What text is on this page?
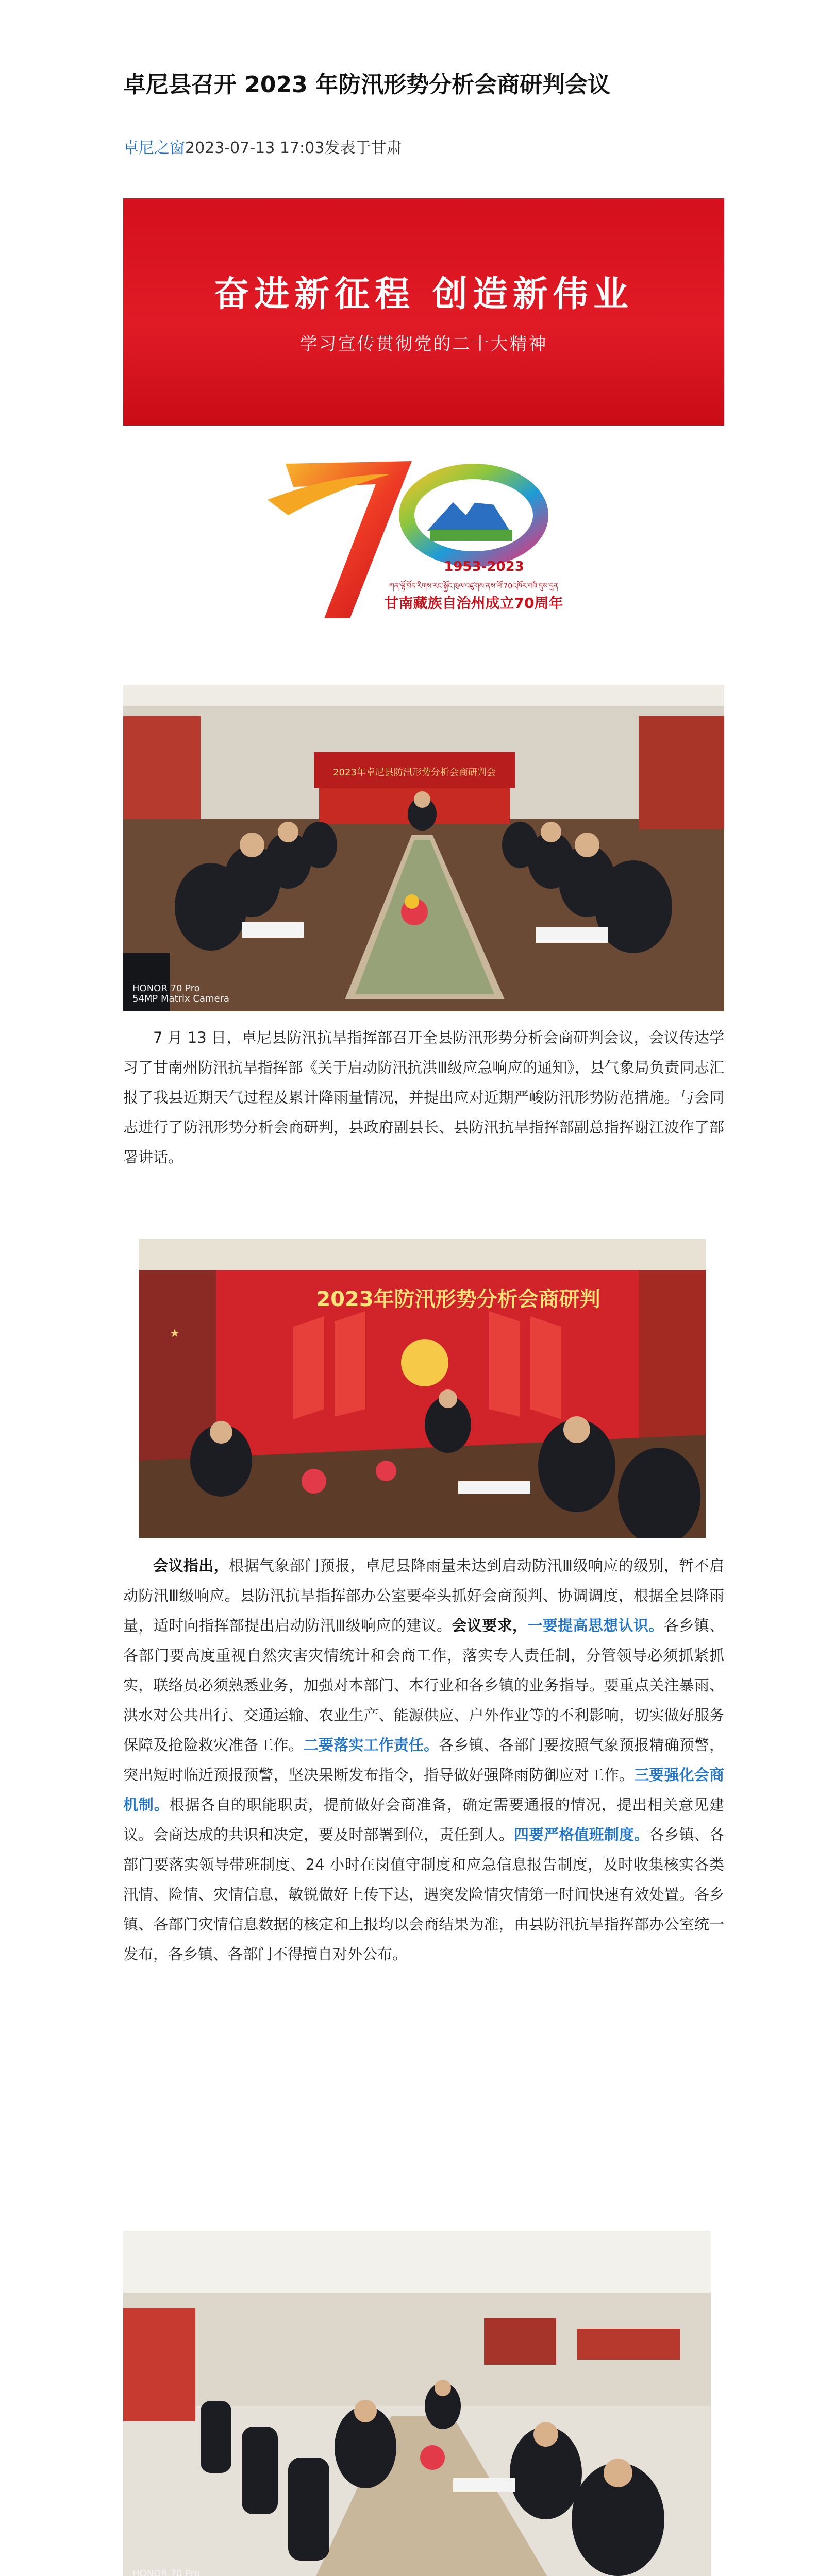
卓尼县召开 2023 年防汛形势分析会商研判会议
卓尼之窗2023-07-13 17:03发表于甘肃
奋进新征程 创造新伟业
学习宣传贯彻党的二十大精神
1953-2023
ཀན་ལྷོ་བོད་རིགས་རང་སྐྱོང་ཁུལ་འཛུགས་ནས་ལོ་70འཁོར་བའི་དུས་དྲན
甘南藏族自治州成立70周年
2023年卓尼县防汛形势分析会商研判会
HONOR 70 Pro
54MP Matrix Camera

7 月 13 日，卓尼县防汛抗旱指挥部召开全县防汛形势分析会商研判会议，会议传达学习了甘南州防汛抗旱指挥部《关于启动防汛抗洪Ⅲ级应急响应的通知》，县气象局负责同志汇报了我县近期天气过程及累计降雨量情况，并提出应对近期严峻防汛形势防范措施。与会同志进行了防汛形势分析会商研判，县政府副县长、县防汛抗旱指挥部副总指挥谢江波作了部署讲话。

2023年防汛形势分析会商研判
★

会议指出，根据气象部门预报，卓尼县降雨量未达到启动防汛Ⅲ级响应的级别，暂不启动防汛Ⅲ级响应。县防汛抗旱指挥部办公室要牵头抓好会商预判、协调调度，根据全县降雨量，适时向指挥部提出启动防汛Ⅲ级响应的建议。会议要求，一要提高思想认识。各乡镇、各部门要高度重视自然灾害灾情统计和会商工作，落实专人责任制，分管领导必须抓紧抓实，联络员必须熟悉业务，加强对本部门、本行业和各乡镇的业务指导。要重点关注暴雨、洪水对公共出行、交通运输、农业生产、能源供应、户外作业等的不利影响，切实做好服务保障及抢险救灾准备工作。二要落实工作责任。各乡镇、各部门要按照气象预报精确预警，突出短时临近预报预警，坚决果断发布指令，指导做好强降雨防御应对工作。三要强化会商机制。根据各自的职能职责，提前做好会商准备，确定需要通报的情况，提出相关意见建议。会商达成的共识和决定，要及时部署到位，责任到人。四要严格值班制度。各乡镇、各部门要落实领导带班制度、24 小时在岗值守制度和应急信息报告制度，及时收集核实各类汛情、险情、灾情信息，敏锐做好上传下达，遇突发险情灾情第一时间快速有效处置。各乡镇、各部门灾情信息数据的核定和上报均以会商结果为准，由县防汛抗旱指挥部办公室统一发布，各乡镇、各部门不得擅自对外公布。

HONOR 70 Pro
